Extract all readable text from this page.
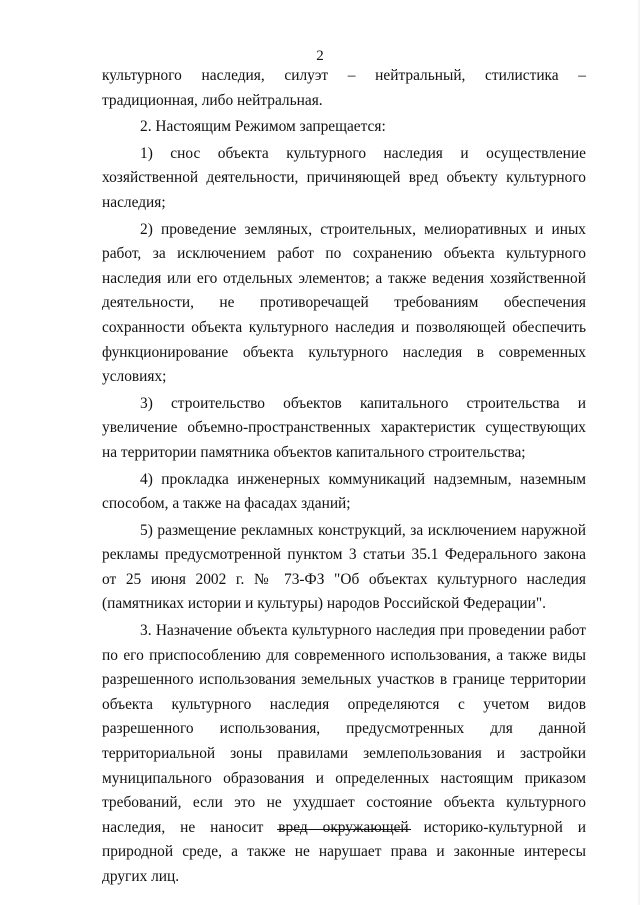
2

культурного наследия, силуэт – нейтральный, стилистика – традиционная, либо нейтральная.

2. Настоящим Режимом запрещается:

1) снос объекта культурного наследия и осуществление хозяйственной деятельности, причиняющей вред объекту культурного наследия;

2) проведение земляных, строительных, мелиоративных и иных работ, за исключением работ по сохранению объекта культурного наследия или его отдельных элементов; а также ведения хозяйственной деятельности, не противоречащей требованиям обеспечения сохранности объекта культурного наследия и позволяющей обеспечить функционирование объекта культурного наследия в современных условиях;

3) строительство объектов капитального строительства и увеличение объемно-пространственных характеристик существующих на территории памятника объектов капитального строительства;

4) прокладка инженерных коммуникаций надземным, наземным способом, а также на фасадах зданий;

5) размещение рекламных конструкций, за исключением наружной рекламы предусмотренной пунктом 3 статьи 35.1 Федерального закона от 25 июня 2002 г. № 73-ФЗ "Об объектах культурного наследия (памятниках истории и культуры) народов Российской Федерации".

3. Назначение объекта культурного наследия при проведении работ по его приспособлению для современного использования, а также виды разрешенного использования земельных участков в границе территории объекта культурного наследия определяются с учетом видов разрешенного использования, предусмотренных для данной территориальной зоны правилами землепользования и застройки муниципального образования и определенных настоящим приказом требований, если это не ухудшает состояние объекта культурного наследия, не наносит вред окружающей историко-культурной и природной среде, а также не нарушает права и законные интересы других лиц.
